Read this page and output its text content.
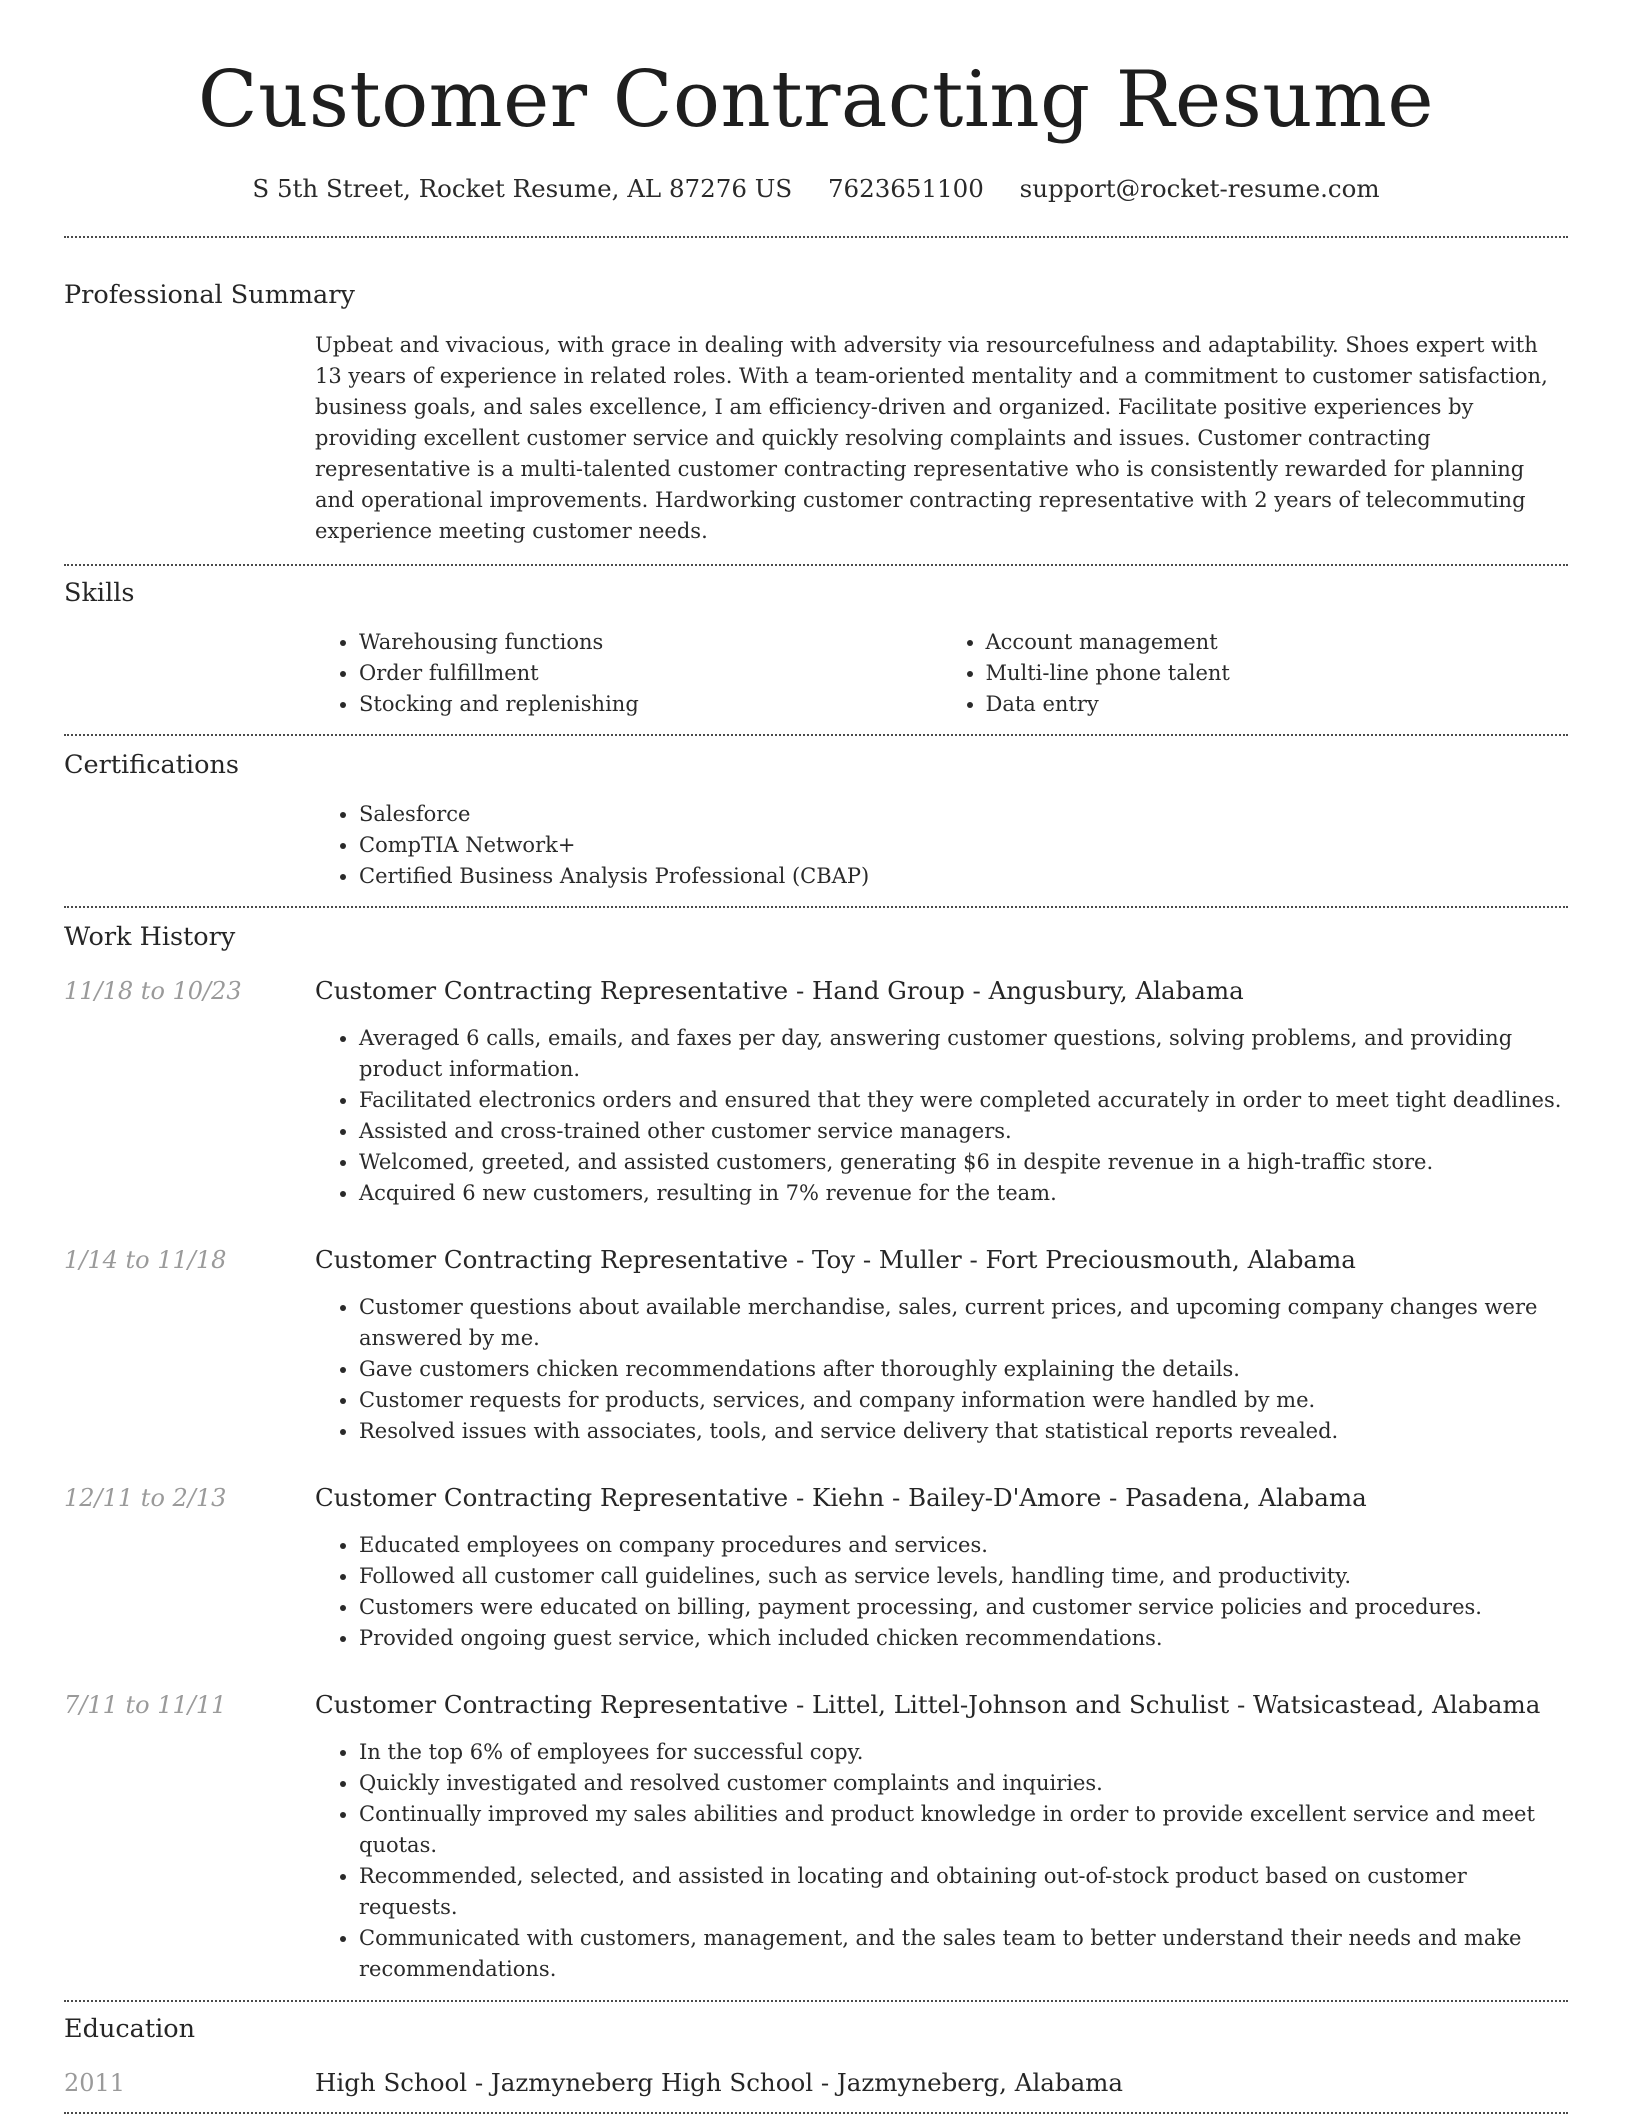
Customer Contracting Resume
S 5th Street, Rocket Resume, AL 87276 US 7623651100 support@rocket-resume.com
Professional Summary
Upbeat and vivacious, with grace in dealing with adversity via resourcefulness and adaptability. Shoes expert with 13 years of experience in related roles. With a team-oriented mentality and a commitment to customer satisfaction, business goals, and sales excellence, I am efficiency-driven and organized. Facilitate positive experiences by providing excellent customer service and quickly resolving complaints and issues. Customer contracting representative is a multi-talented customer contracting representative who is consistently rewarded for planning and operational improvements. Hardworking customer contracting representative with 2 years of telecommuting experience meeting customer needs.
Skills
• Warehousing functions
• Order fulfillment
• Stocking and replenishing
• Account management
• Multi-line phone talent
• Data entry
Certifications
• Salesforce
• CompTIA Network+
• Certified Business Analysis Professional (CBAP)
Work History
11/18 to 10/23	Customer Contracting Representative - Hand Group - Angusbury, Alabama
• Averaged 6 calls, emails, and faxes per day, answering customer questions, solving problems, and providing product information.
• Facilitated electronics orders and ensured that they were completed accurately in order to meet tight deadlines.
• Assisted and cross-trained other customer service managers.
• Welcomed, greeted, and assisted customers, generating $6 in despite revenue in a high-traffic store.
• Acquired 6 new customers, resulting in 7% revenue for the team.
1/14 to 11/18	Customer Contracting Representative - Toy - Muller - Fort Preciousmouth, Alabama
• Customer questions about available merchandise, sales, current prices, and upcoming company changes were answered by me.
• Gave customers chicken recommendations after thoroughly explaining the details.
• Customer requests for products, services, and company information were handled by me.
• Resolved issues with associates, tools, and service delivery that statistical reports revealed.
12/11 to 2/13	Customer Contracting Representative - Kiehn - Bailey-D'Amore - Pasadena, Alabama
• Educated employees on company procedures and services.
• Followed all customer call guidelines, such as service levels, handling time, and productivity.
• Customers were educated on billing, payment processing, and customer service policies and procedures.
• Provided ongoing guest service, which included chicken recommendations.
7/11 to 11/11	Customer Contracting Representative - Littel, Littel-Johnson and Schulist - Watsicastead, Alabama
• In the top 6% of employees for successful copy.
• Quickly investigated and resolved customer complaints and inquiries.
• Continually improved my sales abilities and product knowledge in order to provide excellent service and meet quotas.
• Recommended, selected, and assisted in locating and obtaining out-of-stock product based on customer requests.
• Communicated with customers, management, and the sales team to better understand their needs and make recommendations.
Education
2011	High School - Jazmyneberg High School - Jazmyneberg, Alabama
